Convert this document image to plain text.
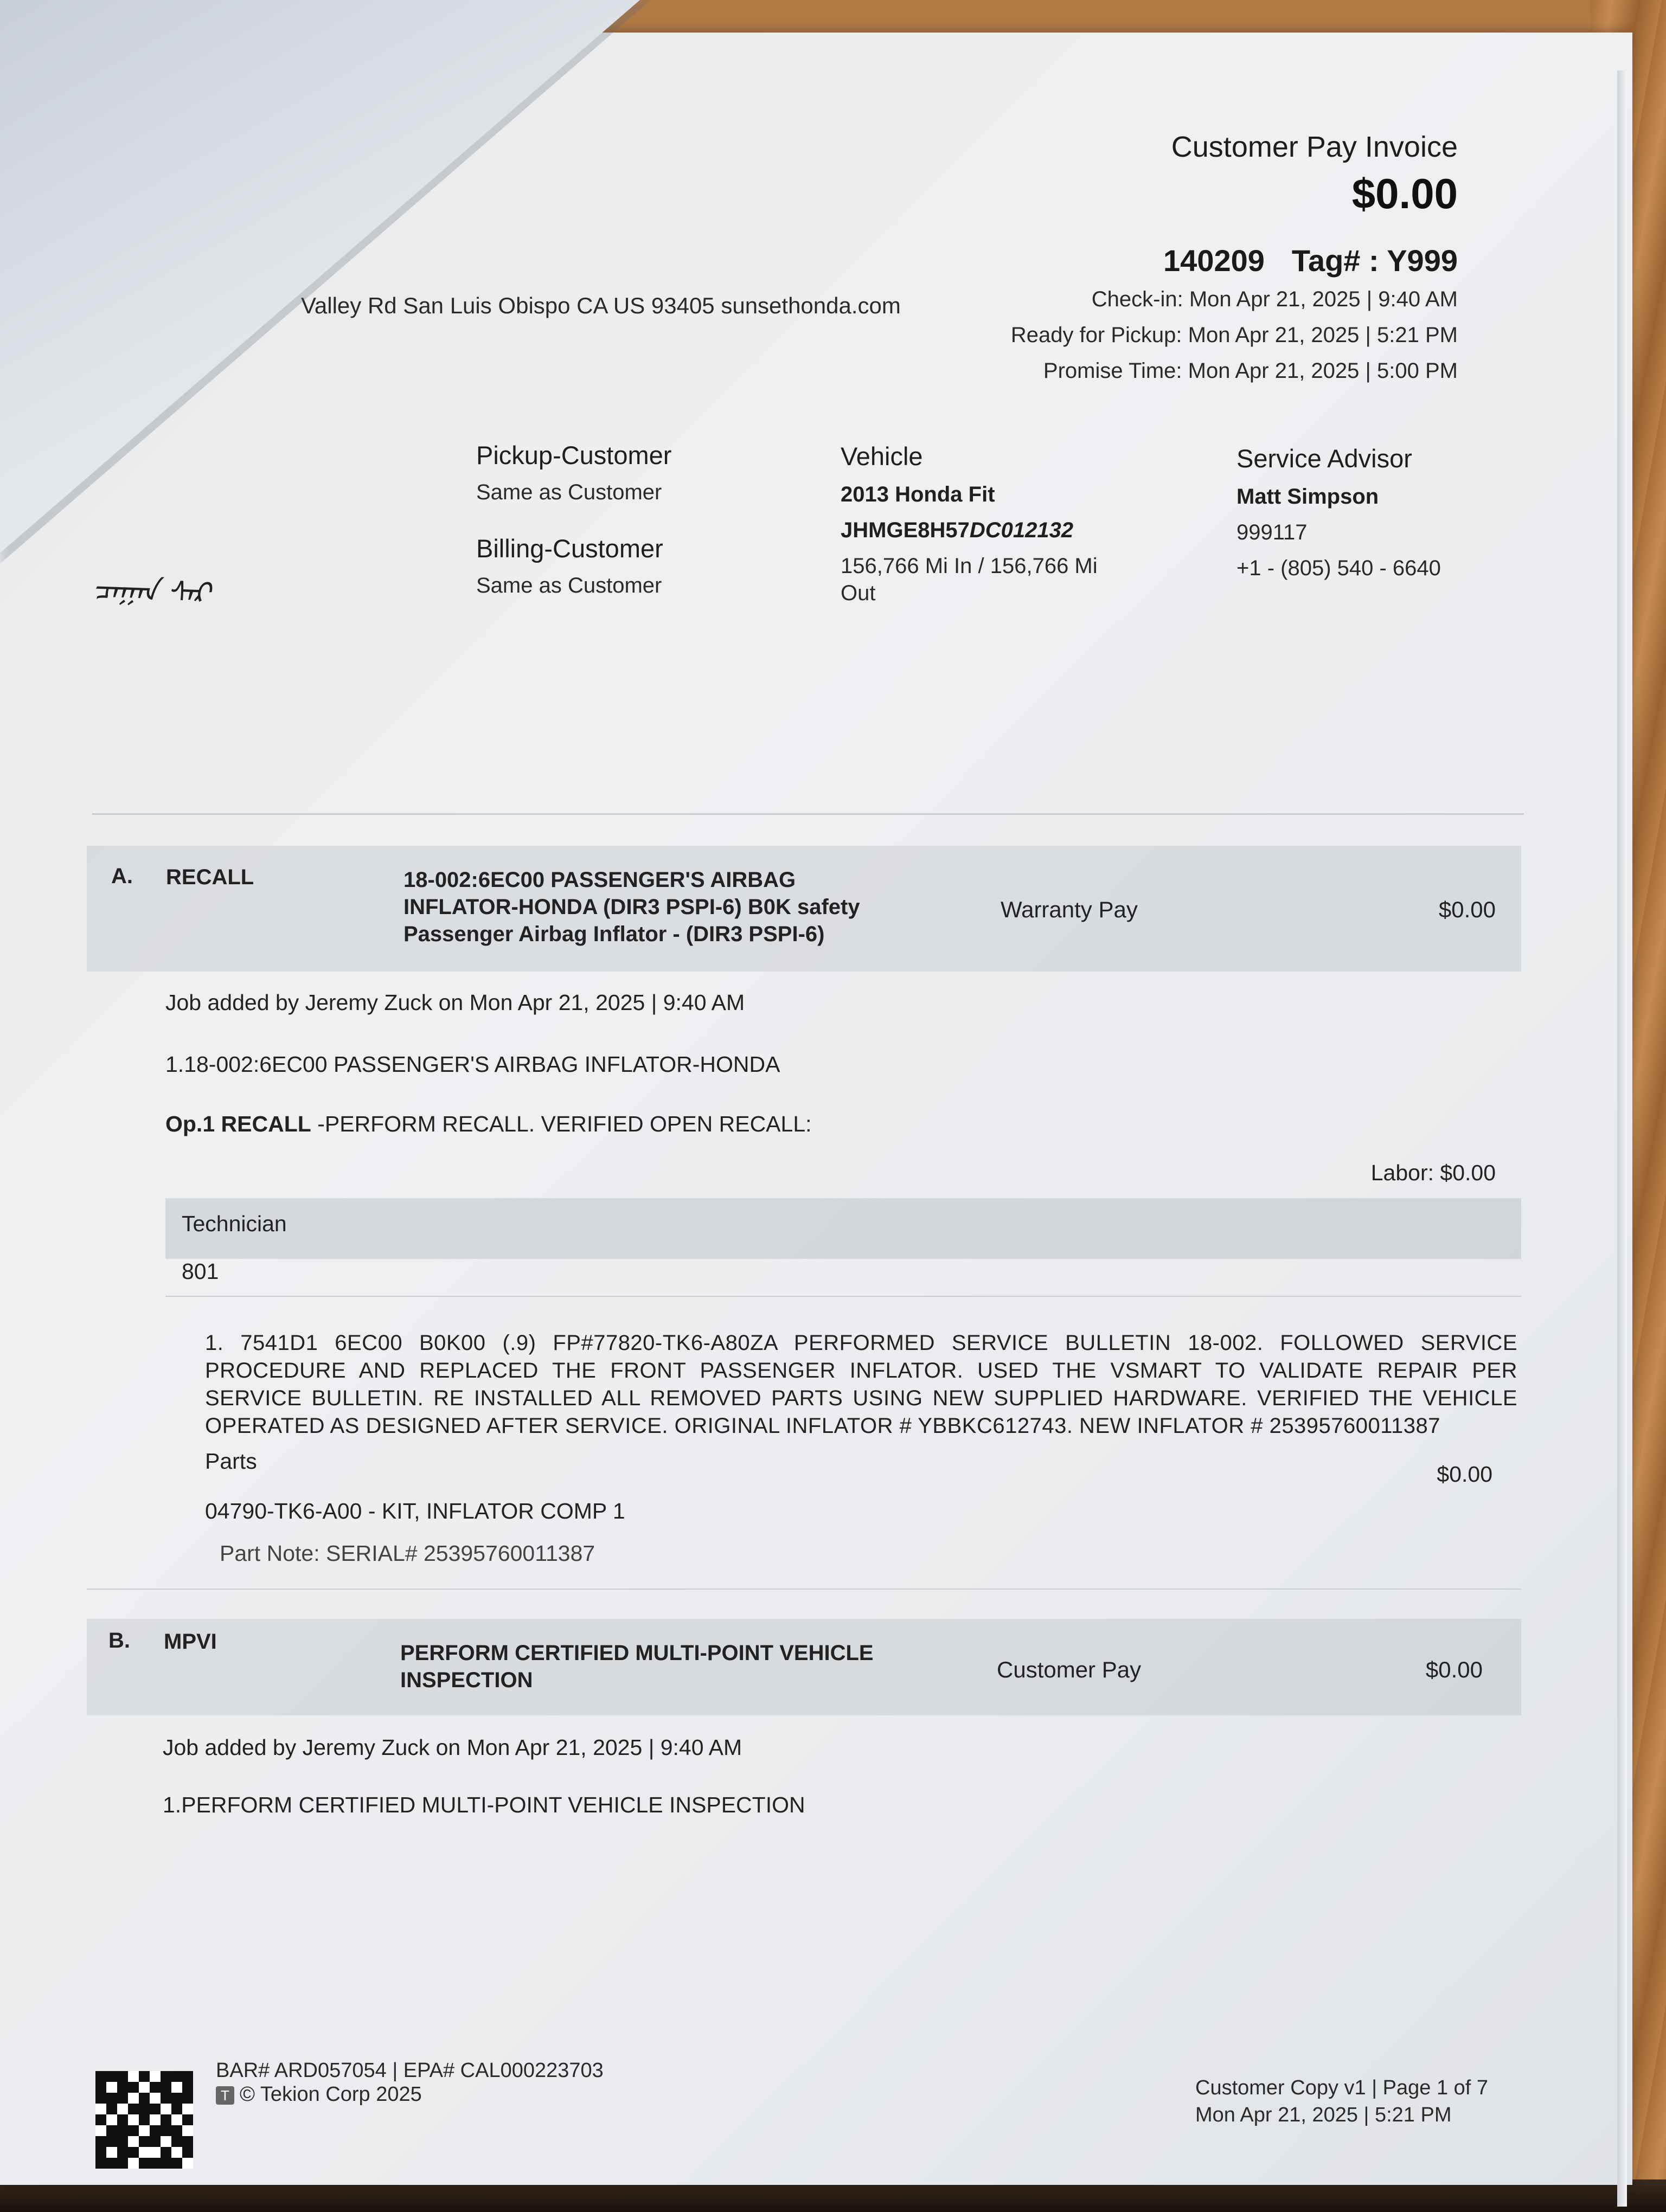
Customer Pay Invoice
$0.00
140209 Tag# : Y999
Check-in: Mon Apr 21, 2025 | 9:40 AM
Ready for Pickup: Mon Apr 21, 2025 | 5:21 PM
Promise Time: Mon Apr 21, 2025 | 5:00 PM
Valley Rd San Luis Obispo CA US 93405 sunsethonda.com
Pickup-Customer
Same as Customer
Billing-Customer
Same as Customer
Vehicle
2013 Honda Fit
JHMGE8H57DC012132
156,766 Mi In / 156,766 Mi
Out
Service Advisor
Matt Simpson
999117
+1 - (805) 540 - 6640
ᠴᠠᠭᠠᠨ ᠰᠠᠷ
A. RECALL	18-002:6EC00 PASSENGER'S AIRBAG
INFLATOR-HONDA (DIR3 PSPI-6) B0K safety
Passenger Airbag Inflator - (DIR3 PSPI-6)
Warranty Pay	$0.00
Job added by Jeremy Zuck on Mon Apr 21, 2025 | 9:40 AM
1.18-002:6EC00 PASSENGER'S AIRBAG INFLATOR-HONDA
Op.1 RECALL -PERFORM RECALL. VERIFIED OPEN RECALL:
Labor: $0.00
Technician
801
1. 7541D1 6EC00 B0K00 (.9) FP#77820-TK6-A80ZA PERFORMED SERVICE BULLETIN 18-002. FOLLOWED SERVICE PROCEDURE AND REPLACED THE FRONT PASSENGER INFLATOR. USED THE VSMART TO VALIDATE REPAIR PER SERVICE BULLETIN. RE INSTALLED ALL REMOVED PARTS USING NEW SUPPLIED HARDWARE. VERIFIED THE VEHICLE OPERATED AS DESIGNED AFTER SERVICE. ORIGINAL INFLATOR # YBBKC612743. NEW INFLATOR # 25395760011387
Parts
$0.00
04790-TK6-A00 - KIT, INFLATOR COMP 1
Part Note: SERIAL# 25395760011387
B. MPVI	PERFORM CERTIFIED MULTI-POINT VEHICLE
INSPECTION	Customer Pay	$0.00
Job added by Jeremy Zuck on Mon Apr 21, 2025 | 9:40 AM
1.PERFORM CERTIFIED MULTI-POINT VEHICLE INSPECTION
BAR# ARD057054 | EPA# CAL000223703
T © Tekion Corp 2025	Customer Copy v1 | Page 1 of 7
Mon Apr 21, 2025 | 5:21 PM
